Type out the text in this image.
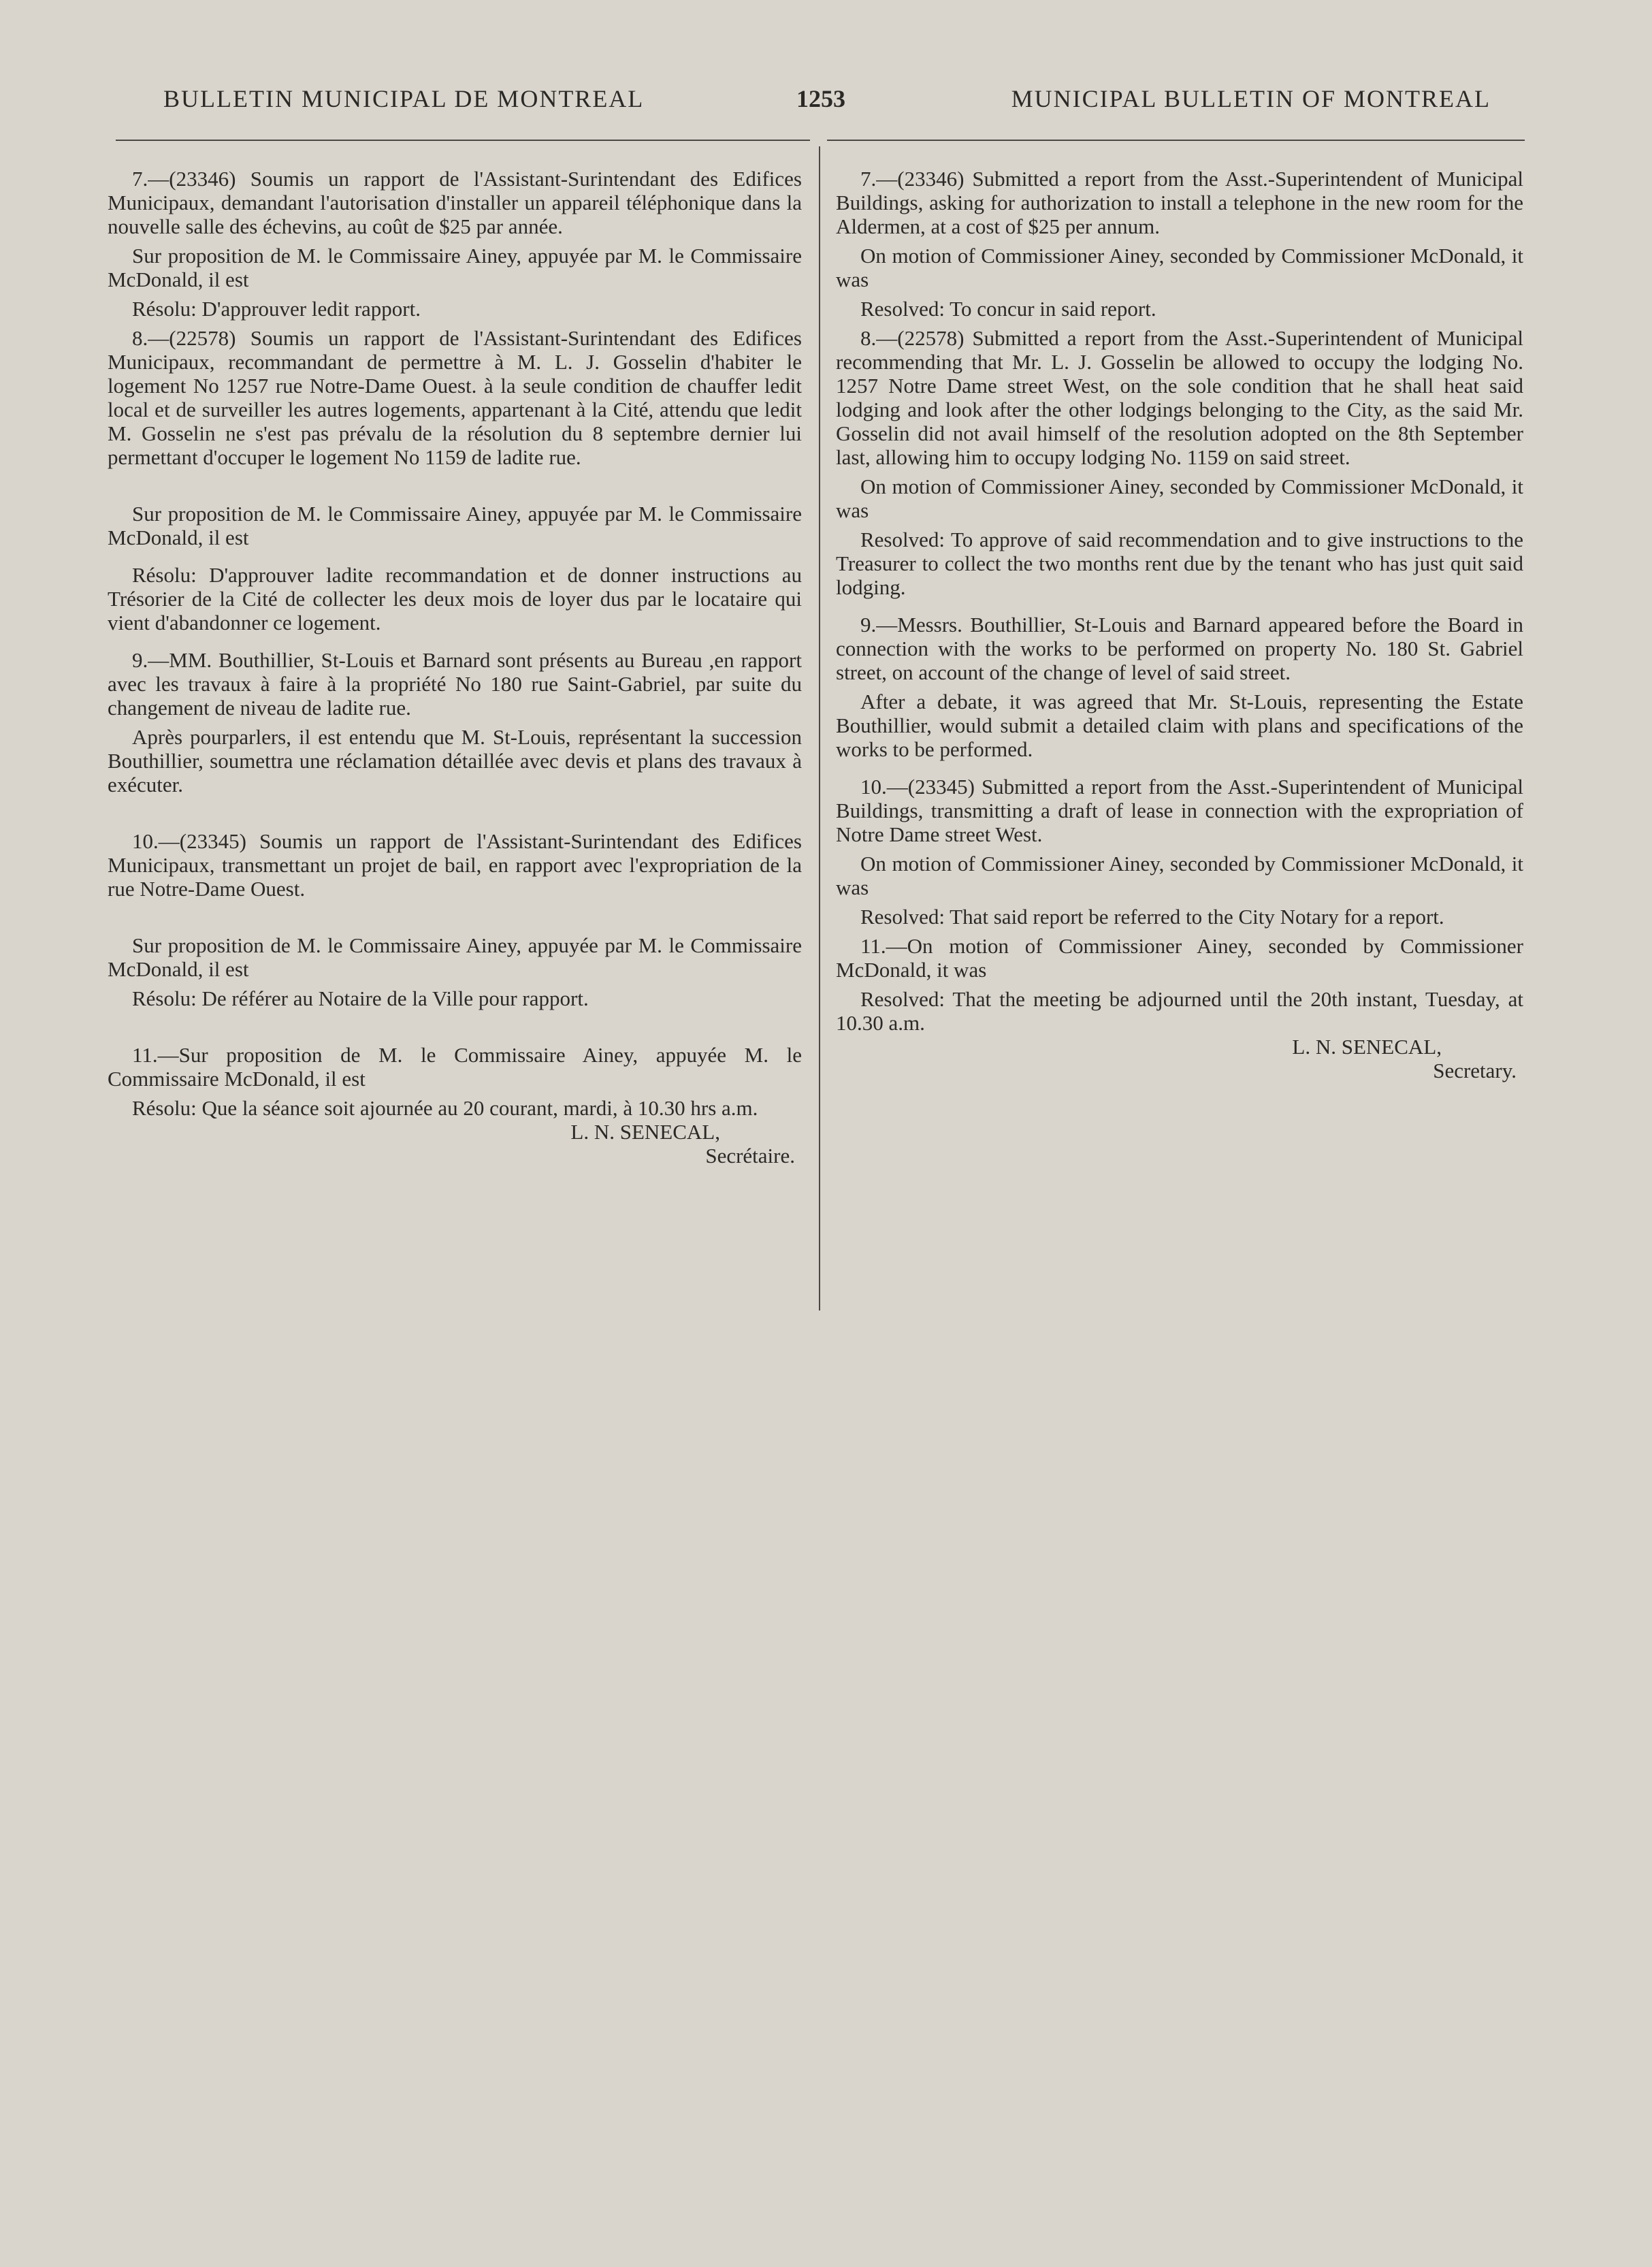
BULLETIN MUNICIPAL DE MONTREAL	1253	MUNICIPAL BULLETIN OF MONTREAL

7.—(23346) Soumis un rapport de l'Assistant-Surintendant des Edifices Municipaux, demandant l'autorisation d'installer un appareil téléphonique dans la nouvelle salle des échevins, au coût de $25 par année.

Sur proposition de M. le Commissaire Ainey, appuyée par M. le Commissaire McDonald, il est

Résolu: D'approuver ledit rapport.

8.—(22578) Soumis un rapport de l'Assistant-Surintendant des Edifices Municipaux, recommandant de permettre à M. L. J. Gosselin d'habiter le logement No 1257 rue Notre-Dame Ouest. à la seule condition de chauffer ledit local et de surveiller les autres logements, appartenant à la Cité, attendu que ledit M. Gosselin ne s'est pas prévalu de la résolution du 8 septembre dernier lui permettant d'occuper le logement No 1159 de ladite rue.

Sur proposition de M. le Commissaire Ainey, appuyée par M. le Commissaire McDonald, il est

Résolu: D'approuver ladite recommandation et de donner instructions au Trésorier de la Cité de collecter les deux mois de loyer dus par le locataire qui vient d'abandonner ce logement.

9.—MM. Bouthillier, St-Louis et Barnard sont présents au Bureau ,en rapport avec les travaux à faire à la propriété No 180 rue Saint-Gabriel, par suite du changement de niveau de ladite rue.

Après pourparlers, il est entendu que M. St-Louis, représentant la succession Bouthillier, soumettra une réclamation détaillée avec devis et plans des travaux à exécuter.

10.—(23345) Soumis un rapport de l'Assistant-Surintendant des Edifices Municipaux, transmettant un projet de bail, en rapport avec l'expropriation de la rue Notre-Dame Ouest.

Sur proposition de M. le Commissaire Ainey, appuyée par M. le Commissaire McDonald, il est

Résolu: De référer au Notaire de la Ville pour rapport.

11.—Sur proposition de M. le Commissaire Ainey, appuyée M. le Commissaire McDonald, il est

Résolu: Que la séance soit ajournée au 20 courant, mardi, à 10.30 hrs a.m.

L. N. SENECAL,

Secrétaire.

7.—(23346) Submitted a report from the Asst.-Superintendent of Municipal Buildings, asking for authorization to install a telephone in the new room for the Aldermen, at a cost of $25 per annum.

On motion of Commissioner Ainey, seconded by Commissioner McDonald, it was

Resolved: To concur in said report.

8.—(22578) Submitted a report from the Asst.-Superintendent of Municipal recommending that Mr. L. J. Gosselin be allowed to occupy the lodging No. 1257 Notre Dame street West, on the sole condition that he shall heat said lodging and look after the other lodgings belonging to the City, as the said Mr. Gosselin did not avail himself of the resolution adopted on the 8th September last, allowing him to occupy lodging No. 1159 on said street.

On motion of Commissioner Ainey, seconded by Commissioner McDonald, it was

Resolved: To approve of said recommendation and to give instructions to the Treasurer to collect the two months rent due by the tenant who has just quit said lodging.

9.—Messrs. Bouthillier, St-Louis and Barnard appeared before the Board in connection with the works to be performed on property No. 180 St. Gabriel street, on account of the change of level of said street.

After a debate, it was agreed that Mr. St-Louis, representing the Estate Bouthillier, would submit a detailed claim with plans and specifications of the works to be performed.

10.—(23345) Submitted a report from the Asst.-Superintendent of Municipal Buildings, transmitting a draft of lease in connection with the expropriation of Notre Dame street West.

On motion of Commissioner Ainey, seconded by Commissioner McDonald, it was

Resolved: That said report be referred to the City Notary for a report.

11.—On motion of Commissioner Ainey, seconded by Commissioner McDonald, it was

Resolved: That the meeting be adjourned until the 20th instant, Tuesday, at 10.30 a.m.

L. N. SENECAL,

Secretary.
